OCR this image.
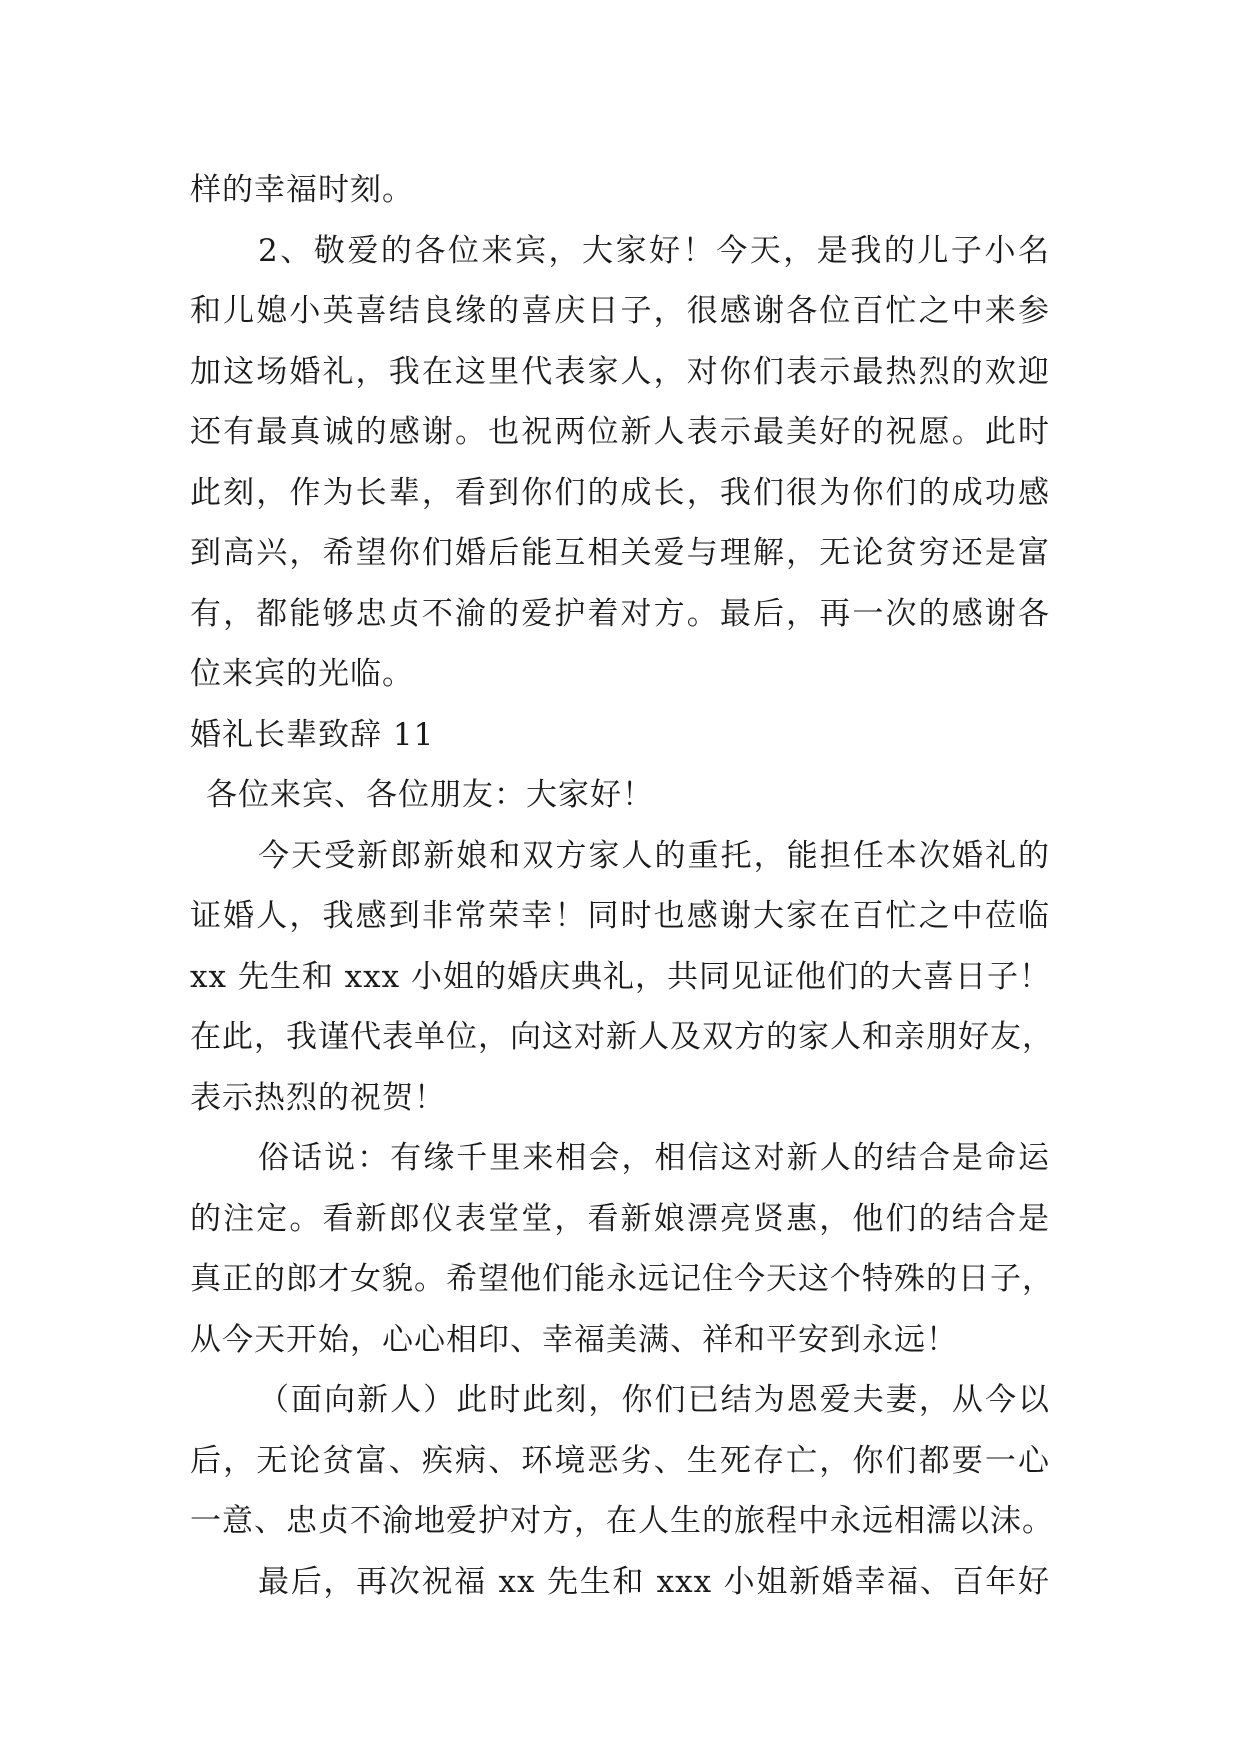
样的幸福时刻。
2、敬爱的各位来宾，大家好！今天，是我的儿子小名
和儿媳小英喜结良缘的喜庆日子，很感谢各位百忙之中来参
加这场婚礼，我在这里代表家人，对你们表示最热烈的欢迎
还有最真诚的感谢。也祝两位新人表示最美好的祝愿。此时
此刻，作为长辈，看到你们的成长，我们很为你们的成功感
到高兴，希望你们婚后能互相关爱与理解，无论贫穷还是富
有，都能够忠贞不渝的爱护着对方。最后，再一次的感谢各
位来宾的光临。
婚礼长辈致辞 11
各位来宾、各位朋友：大家好！
今天受新郎新娘和双方家人的重托，能担任本次婚礼的
证婚人，我感到非常荣幸！同时也感谢大家在百忙之中莅临
xx 先生和 xxx 小姐的婚庆典礼，共同见证他们的大喜日子！
在此，我谨代表单位，向这对新人及双方的家人和亲朋好友，
表示热烈的祝贺！
俗话说：有缘千里来相会，相信这对新人的结合是命运
的注定。看新郎仪表堂堂，看新娘漂亮贤惠，他们的结合是
真正的郎才女貌。希望他们能永远记住今天这个特殊的日子，
从今天开始，心心相印、幸福美满、祥和平安到永远！
（面向新人）此时此刻，你们已结为恩爱夫妻，从今以
后，无论贫富、疾病、环境恶劣、生死存亡，你们都要一心
一意、忠贞不渝地爱护对方，在人生的旅程中永远相濡以沫。
最后，再次祝福 xx 先生和 xxx 小姐新婚幸福、百年好
